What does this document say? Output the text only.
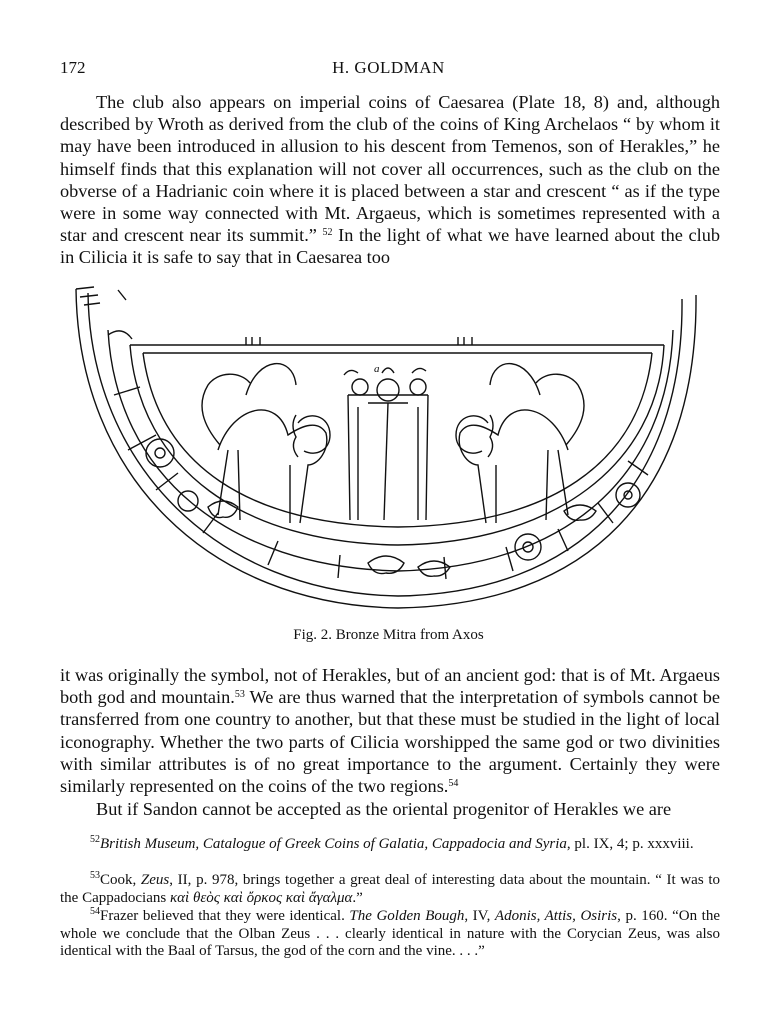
172	H. GOLDMAN

The club also appears on imperial coins of Caesarea (Plate 18, 8) and, although described by Wroth as derived from the club of the coins of King Archelaos “ by whom it may have been introduced in allusion to his descent from Temenos, son of Herakles,” he himself finds that this explanation will not cover all occurrences, such as the club on the obverse of a Hadrianic coin where it is placed between a star and crescent “ as if the type were in some way connected with Mt. Argaeus, which is sometimes represented with a star and crescent near its summit.” $^{52}$ In the light of what we have learned about the club in Cilicia it is safe to say that in Caesarea too

a
Fig. 2. Bronze Mitra from Axos

it was originally the symbol, not of Herakles, but of an ancient god: that is of Mt. Argaeus both god and mountain.$^{53}$ We are thus warned that the interpretation of symbols cannot be transferred from one country to another, but that these must be studied in the light of local iconography. Whether the two parts of Cilicia worshipped the same god or two divinities with similar attributes is of no great importance to the argument. Certainly they were similarly represented on the coins of the two regions.$^{54}$

But if Sandon cannot be accepted as the oriental progenitor of Herakles we are

$^{52}$British Museum, Catalogue of Greek Coins of Galatia, Cappadocia and Syria, pl. IX, 4; p. xxxviii.

$^{53}$Cook, Zeus, II, p. 978, brings together a great deal of interesting data about the mountain. “ It was to the Cappadocians καὶ θεὸς καὶ ὄρκος καὶ ἄγαλμα.”

$^{54}$Frazer believed that they were identical. The Golden Bough, IV, Adonis, Attis, Osiris, p. 160. “On the whole we conclude that the Olban Zeus . . . clearly identical in nature with the Corycian Zeus, was also identical with the Baal of Tarsus, the god of the corn and the vine. . . .”
